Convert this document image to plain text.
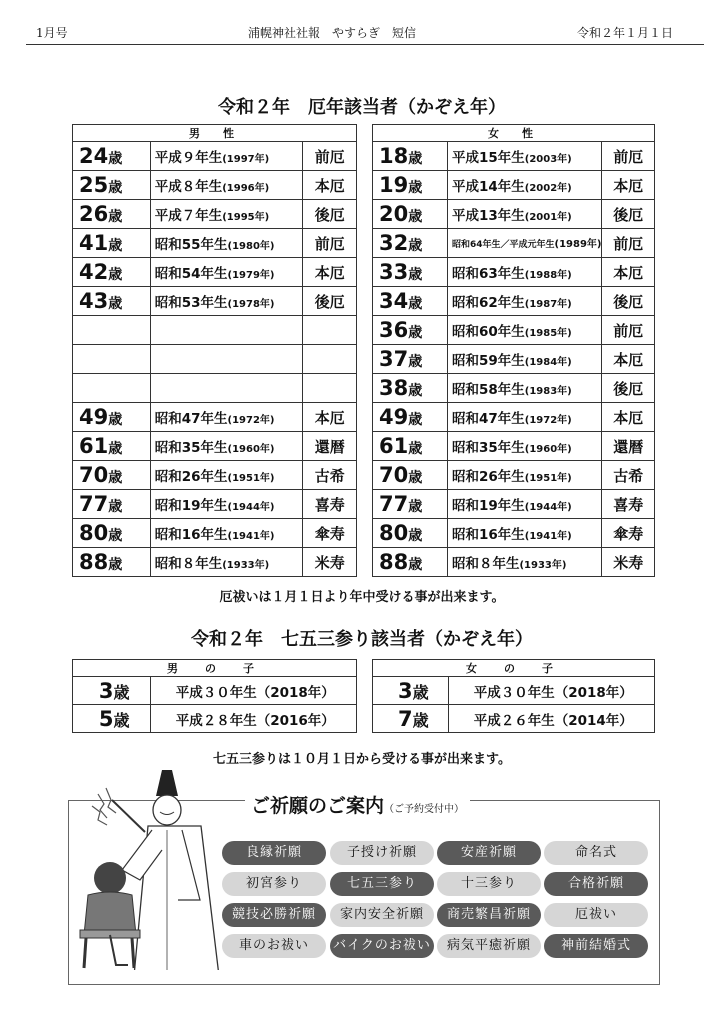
1月号	浦幌神社社報　やすらぎ　短信	令和２年１月１日
令和２年　厄年該当者（かぞえ年）
男　性		
24歳	平成９年生(1997年)	前厄
25歳	平成８年生(1996年)	本厄
26歳	平成７年生(1995年)	後厄
41歳	昭和55年生(1980年)	前厄
42歳	昭和54年生(1979年)	本厄
43歳	昭和53年生(1978年)	後厄

49歳	昭和47年生(1972年)	本厄
61歳	昭和35年生(1960年)	還暦
70歳	昭和26年生(1951年)	古希
77歳	昭和19年生(1944年)	喜寿
80歳	昭和16年生(1941年)	傘寿
88歳	昭和８年生(1933年)	米寿
女　性		
18歳	平成15年生(2003年)	前厄
19歳	平成14年生(2002年)	本厄
20歳	平成13年生(2001年)	後厄
32歳	昭和64年生／平成元年生(1989年)	前厄
33歳	昭和63年生(1988年)	本厄
34歳	昭和62年生(1987年)	後厄
36歳	昭和60年生(1985年)	前厄
37歳	昭和59年生(1984年)	本厄
38歳	昭和58年生(1983年)	後厄
49歳	昭和47年生(1972年)	本厄
61歳	昭和35年生(1960年)	還暦
70歳	昭和26年生(1951年)	古希
77歳	昭和19年生(1944年)	喜寿
80歳	昭和16年生(1941年)	傘寿
88歳	昭和８年生(1933年)	米寿
厄祓いは１月１日より年中受ける事が出来ます。
令和２年　七五三参り該当者（かぞえ年）
男　の　子	
3歳	平成３０年生（2018年）
5歳	平成２８年生（2016年）
女　の　子	
3歳	平成３０年生（2018年）
7歳	平成２６年生（2014年）
七五三参りは１０月１日から受ける事が出来ます。
ご祈願のご案内（ご予約受付中）
良縁祈願	子授け祈願	安産祈願	命名式
初宮参り	七五三参り	十三参り	合格祈願
競技必勝祈願	家内安全祈願	商売繁昌祈願	厄祓い
車のお祓い	バイクのお祓い	病気平癒祈願	神前結婚式
